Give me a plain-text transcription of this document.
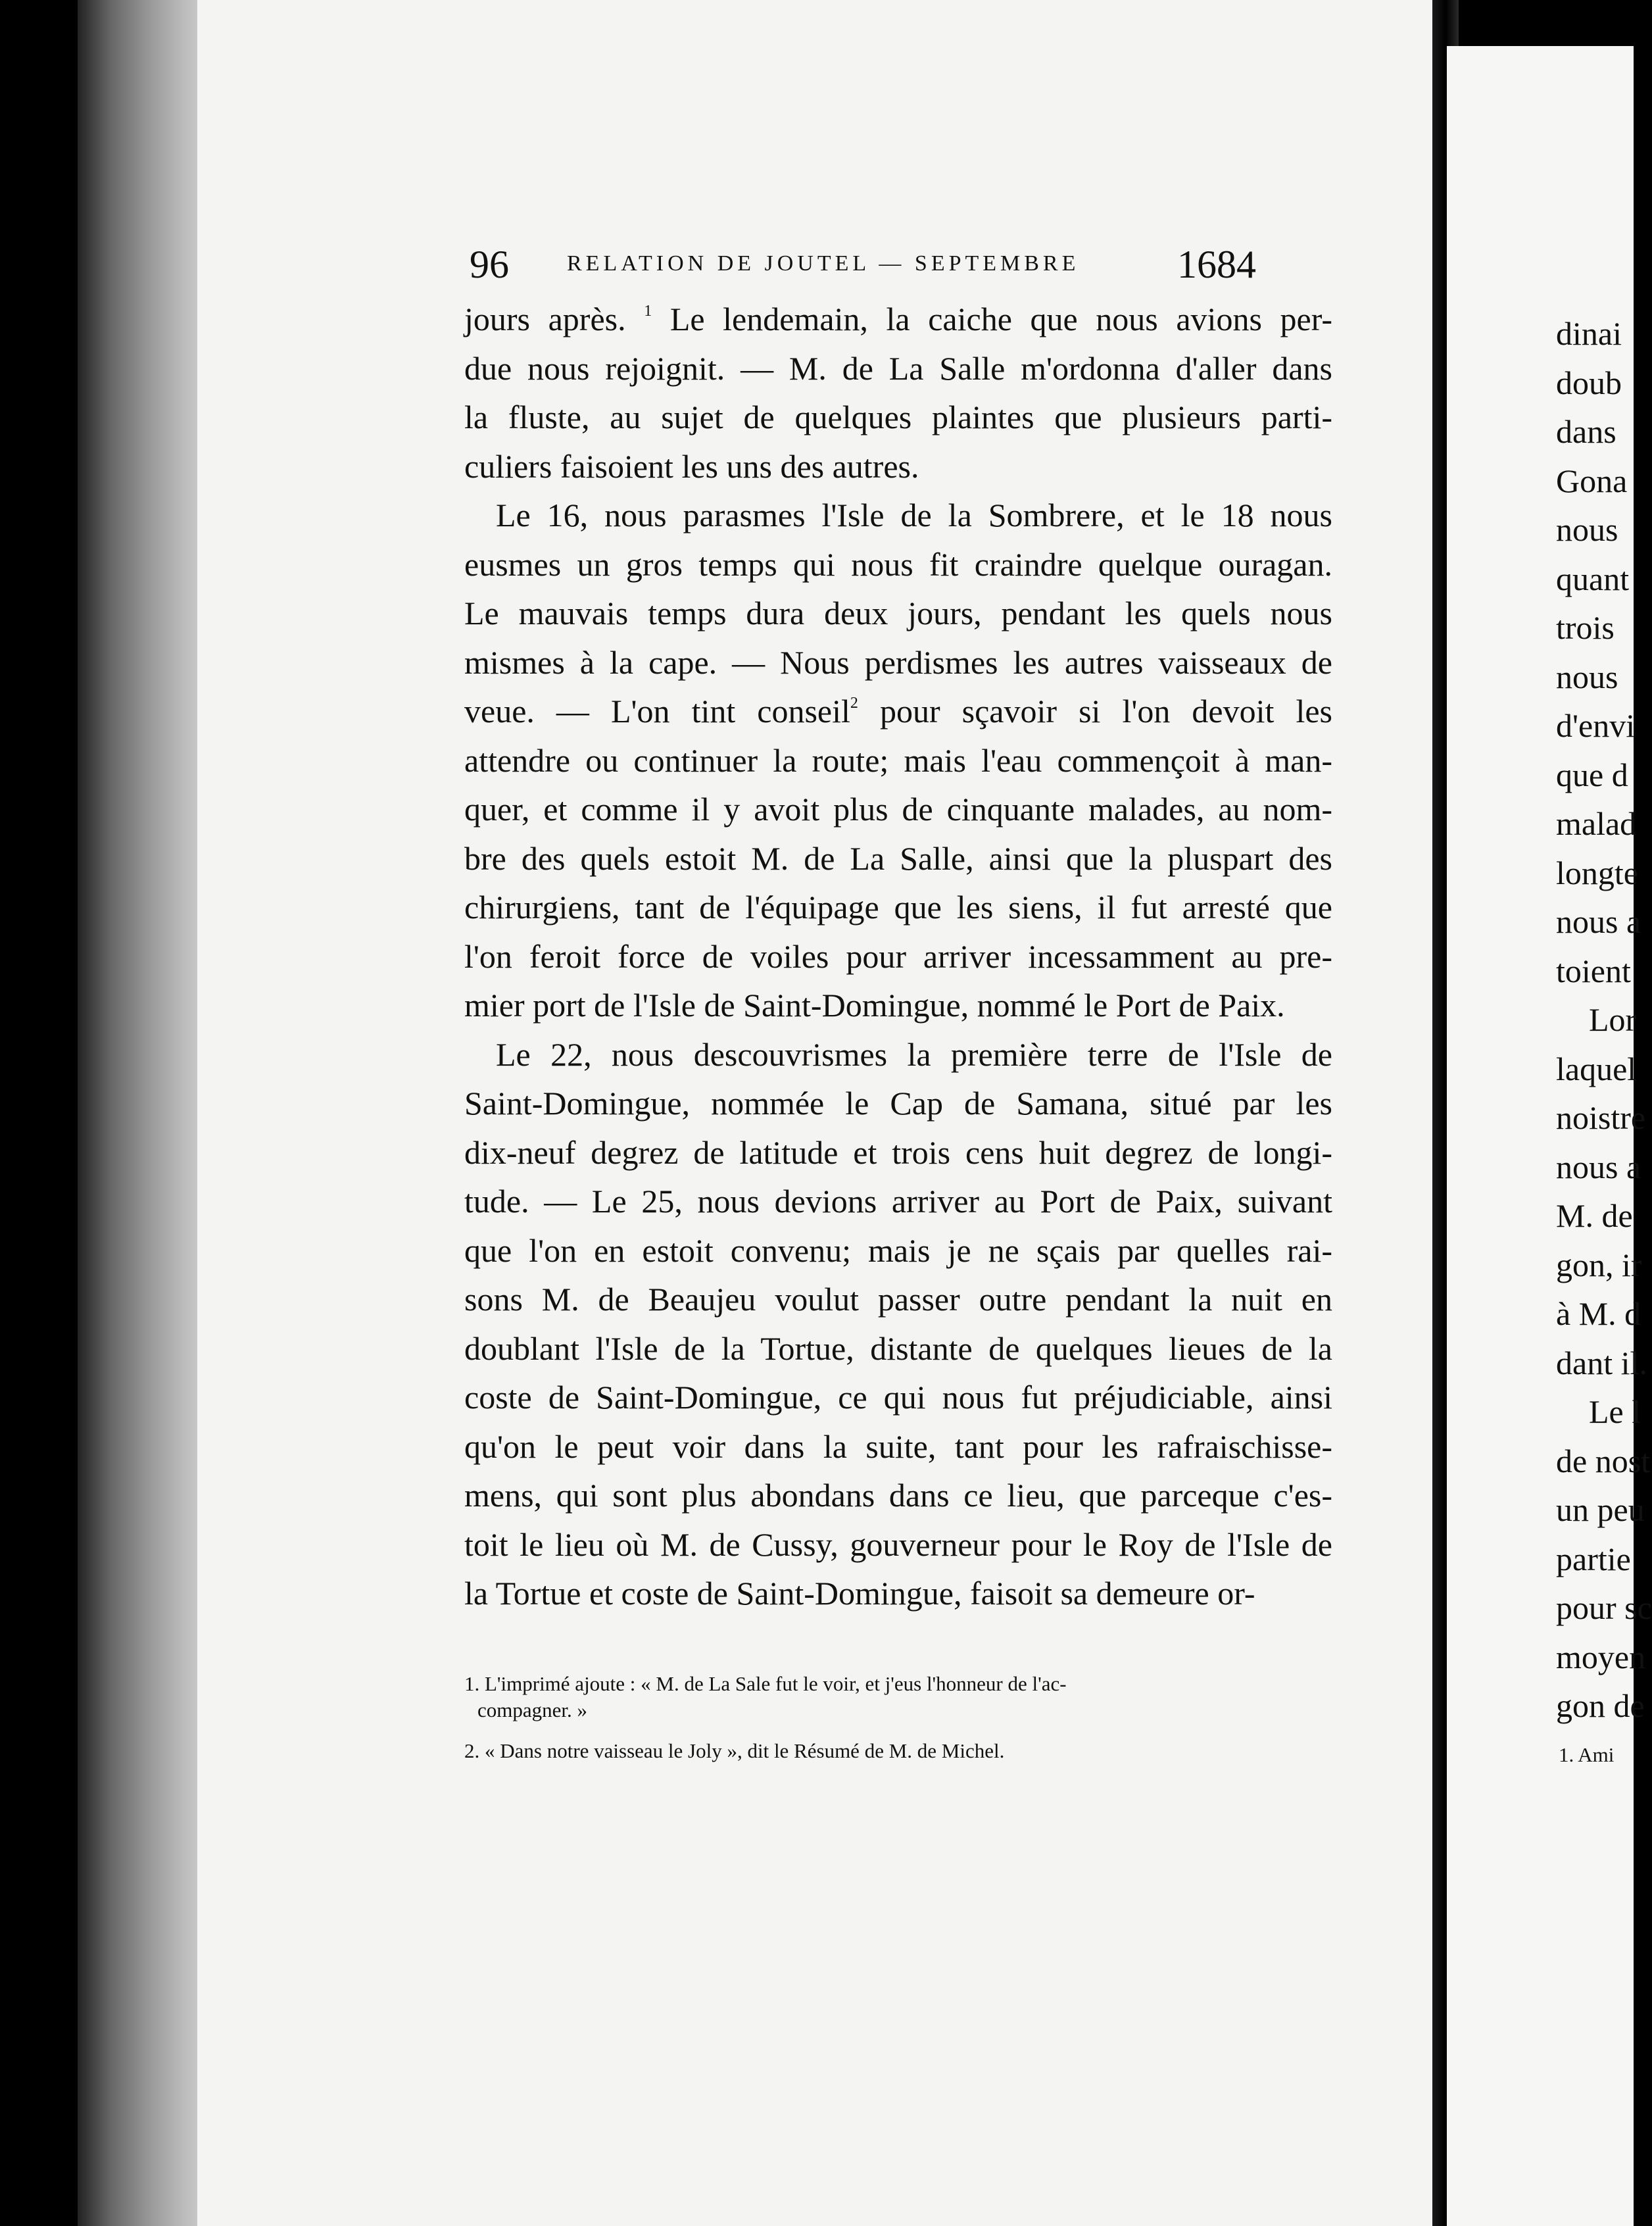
96	RELATION DE JOUTEL — SEPTEMBRE 1684
jours après. $^1$ Le lendemain, la caiche que nous avions per-
due nous rejoignit. — M. de La Salle m'ordonna d'aller dans
la fluste, au sujet de quelques plaintes que plusieurs parti-
culiers faisoient les uns des autres.
Le 16, nous parasmes l'Isle de la Sombrere, et le 18 nous
eusmes un gros temps qui nous fit craindre quelque ouragan.
Le mauvais temps dura deux jours, pendant les quels nous
mismes à la cape. — Nous perdismes les autres vaisseaux de
veue. — L'on tint conseil$^2$ pour sçavoir si l'on devoit les
attendre ou continuer la route; mais l'eau commençoit à man-
quer, et comme il y avoit plus de cinquante malades, au nom-
bre des quels estoit M. de La Salle, ainsi que la pluspart des
chirurgiens, tant de l'équipage que les siens, il fut arresté que
l'on feroit force de voiles pour arriver incessamment au pre-
mier port de l'Isle de Saint-Domingue, nommé le Port de Paix.
Le 22, nous descouvrismes la première terre de l'Isle de
Saint-Domingue, nommée le Cap de Samana, situé par les
dix-neuf degrez de latitude et trois cens huit degrez de longi-
tude. — Le 25, nous devions arriver au Port de Paix, suivant
que l'on en estoit convenu; mais je ne sçais par quelles rai-
sons M. de Beaujeu voulut passer outre pendant la nuit en
doublant l'Isle de la Tortue, distante de quelques lieues de la
coste de Saint-Domingue, ce qui nous fut préjudiciable, ainsi
qu'on le peut voir dans la suite, tant pour les rafraischisse-
mens, qui sont plus abondans dans ce lieu, que parceque c'es-
toit le lieu où M. de Cussy, gouverneur pour le Roy de l'Isle de
la Tortue et coste de Saint-Domingue, faisoit sa demeure or-
1. L'imprimé ajoute : « M. de La Sale fut le voir, et j'eus l'honneur de l'ac-
compagner. »
2. « Dans notre vaisseau le Joly », dit le Résumé de M. de Michel.
dinai
doub
dans
Gona
nous
quant
trois
nous
d'envi
que d
malad
longte
nous a
toient
Lor
laquel
noistre
nous a
M. de
gon, ir
à M. d
dant il.
Le l
de nost
un peu
partie
pour sc
moyen
gon de
1. Ami
